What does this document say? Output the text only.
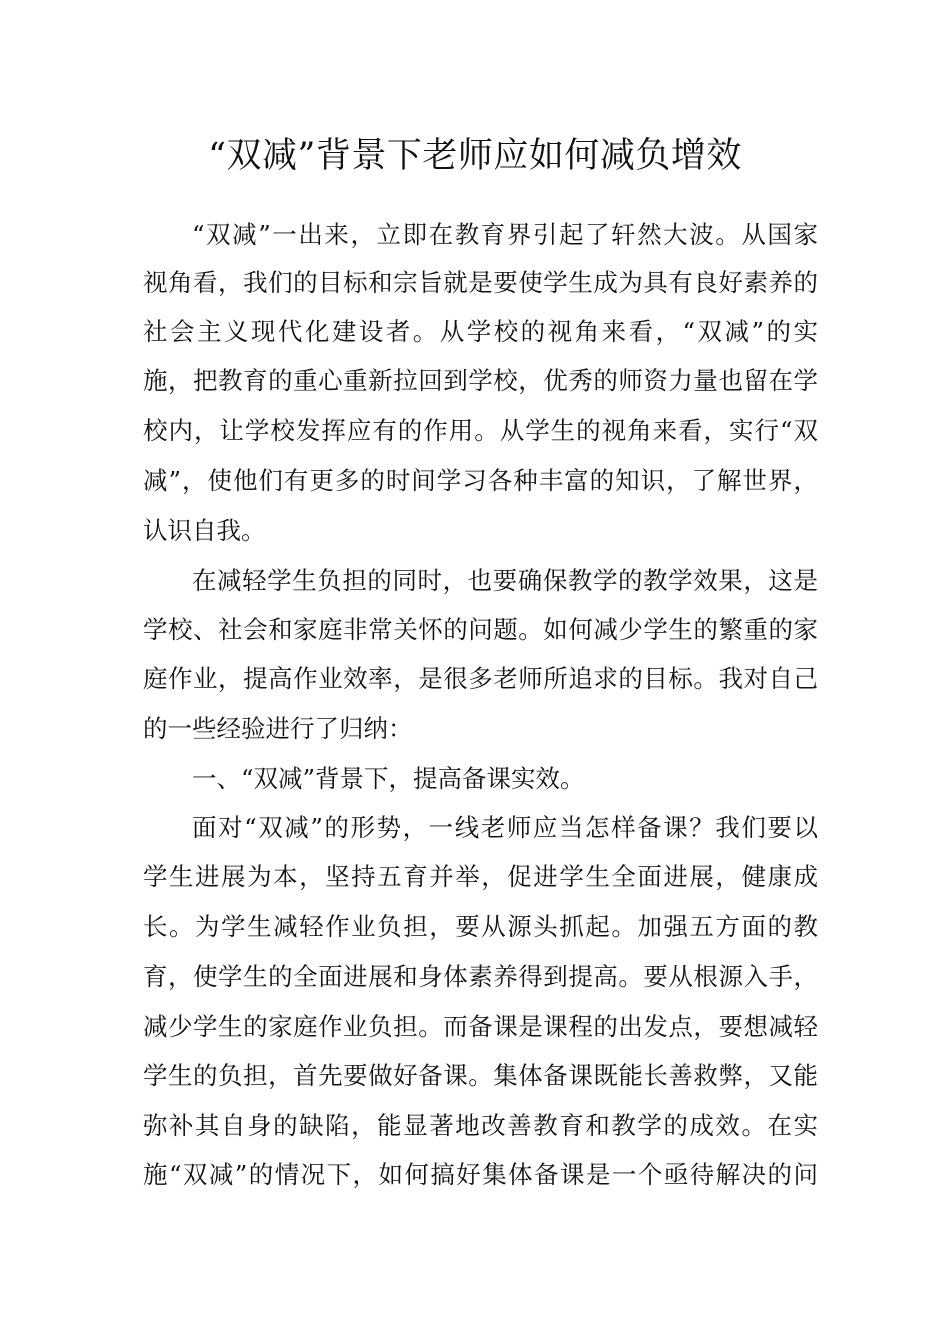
“双减”背景下老师应如何减负增效
“双减”一出来，立即在教育界引起了轩然大波。从国家
视角看，我们的目标和宗旨就是要使学生成为具有良好素养的
社会主义现代化建设者。从学校的视角来看，“双减”的实
施，把教育的重心重新拉回到学校，优秀的师资力量也留在学
校内，让学校发挥应有的作用。从学生的视角来看，实行“双
减”，使他们有更多的时间学习各种丰富的知识，了解世界，
认识自我。
在减轻学生负担的同时，也要确保教学的教学效果，这是
学校、社会和家庭非常关怀的问题。如何减少学生的繁重的家
庭作业，提高作业效率，是很多老师所追求的目标。我对自己
的一些经验进行了归纳：
一、“双减”背景下，提高备课实效。
面对“双减”的形势，一线老师应当怎样备课？我们要以
学生进展为本，坚持五育并举，促进学生全面进展，健康成
长。为学生减轻作业负担，要从源头抓起。加强五方面的教
育，使学生的全面进展和身体素养得到提高。要从根源入手，
减少学生的家庭作业负担。而备课是课程的出发点，要想减轻
学生的负担，首先要做好备课。集体备课既能长善救弊，又能
弥补其自身的缺陷，能显著地改善教育和教学的成效。在实
施“双减”的情况下，如何搞好集体备课是一个亟待解决的问
